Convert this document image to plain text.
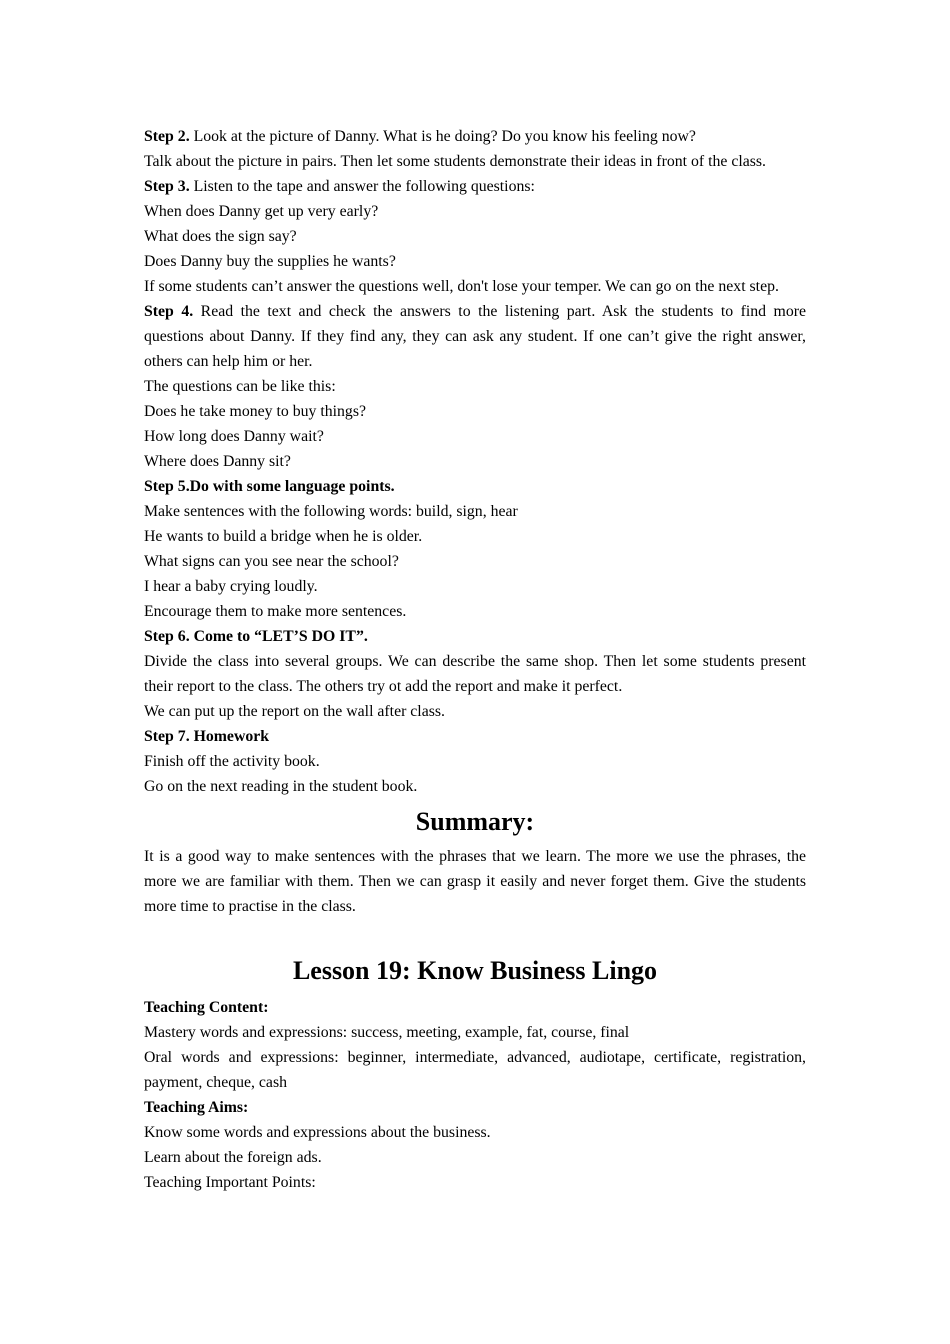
Step 2. Look at the picture of Danny. What is he doing? Do you know his feeling now?

Talk about the picture in pairs. Then let some students demonstrate their ideas in front of the class.

Step 3. Listen to the tape and answer the following questions:

When does Danny get up very early?

What does the sign say?

Does Danny buy the supplies he wants?

If some students can’t answer the questions well, don't lose your temper. We can go on the next step.

Step 4. Read the text and check the answers to the listening part. Ask the students to find more questions about Danny. If they find any, they can ask any student. If one can’t give the right answer, others can help him or her.

The questions can be like this:

Does he take money to buy things?

How long does Danny wait?

Where does Danny sit?

Step 5.Do with some language points.

Make sentences with the following words: build, sign, hear

He wants to build a bridge when he is older.

What signs can you see near the school?

I hear a baby crying loudly.

Encourage them to make more sentences.

Step 6. Come to “LET’S DO IT”.

Divide the class into several groups. We can describe the same shop. Then let some students present their report to the class. The others try ot add the report and make it perfect.

We can put up the report on the wall after class.

Step 7. Homework

Finish off the activity book.

Go on the next reading in the student book.

Summary:

It is a good way to make sentences with the phrases that we learn. The more we use the phrases, the more we are familiar with them. Then we can grasp it easily and never forget them. Give the students more time to practise in the class.

Lesson 19: Know Business Lingo

Teaching Content:

Mastery words and expressions: success, meeting, example, fat, course, final

Oral words and expressions: beginner, intermediate, advanced, audiotape, certificate, registration, payment, cheque, cash

Teaching Aims:

Know some words and expressions about the business.

Learn about the foreign ads.

Teaching Important Points:
